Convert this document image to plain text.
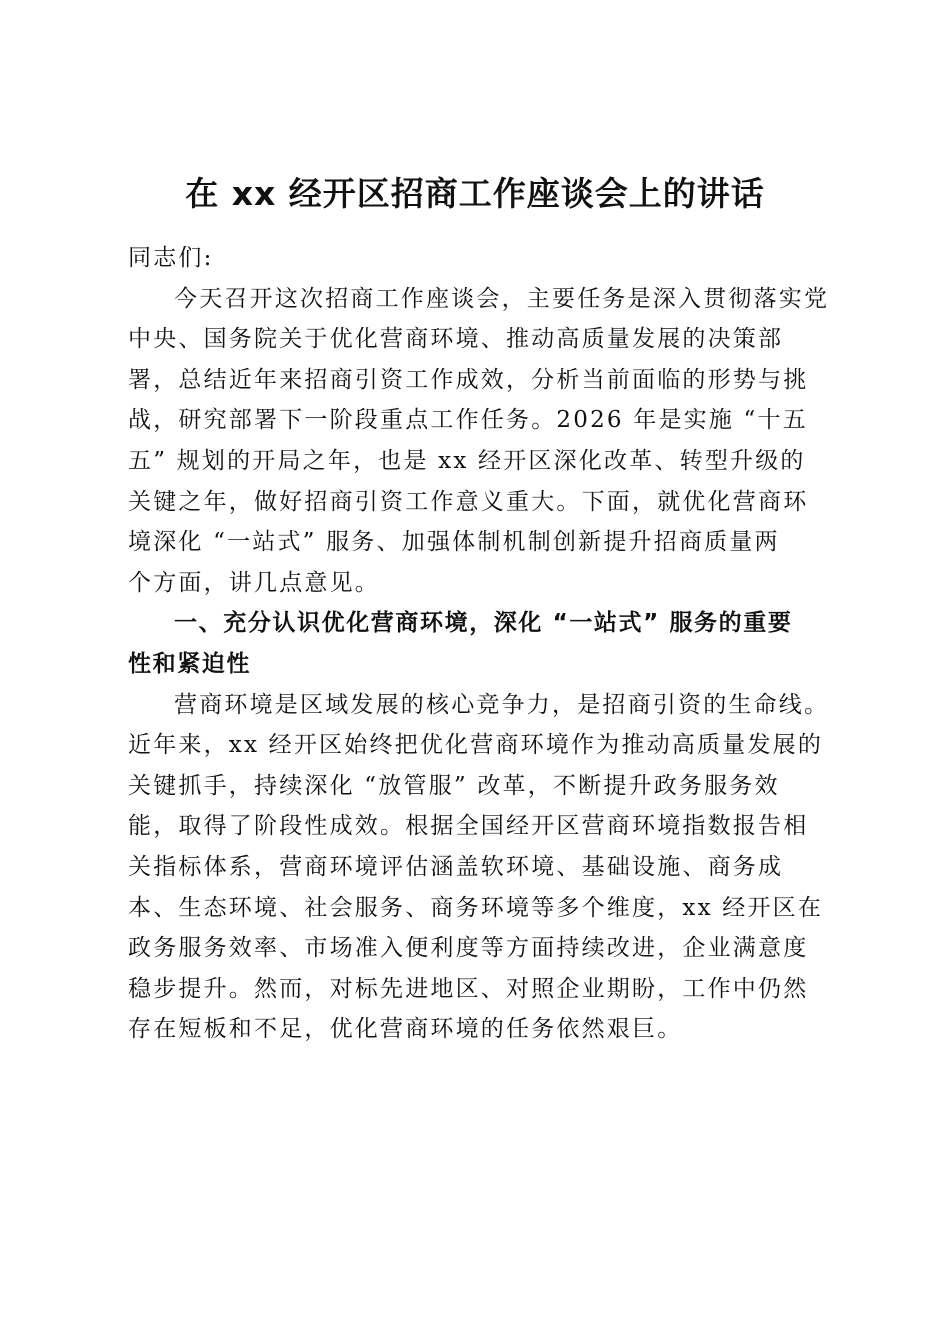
在 xx 经开区招商工作座谈会上的讲话
同志们:
今天召开这次招商工作座谈会，主要任务是深入贯彻落实党
中央、国务院关于优化营商环境、推动高质量发展的决策部
署，总结近年来招商引资工作成效，分析当前面临的形势与挑
战，研究部署下一阶段重点工作任务。2026 年是实施 “十五
五” 规划的开局之年，也是 xx 经开区深化改革、转型升级的
关键之年，做好招商引资工作意义重大。下面，就优化营商环
境深化 “一站式” 服务、加强体制机制创新提升招商质量两
个方面，讲几点意见。
一、充分认识优化营商环境，深化 “一站式” 服务的重要
性和紧迫性
营商环境是区域发展的核心竞争力，是招商引资的生命线。
近年来，xx 经开区始终把优化营商环境作为推动高质量发展的
关键抓手，持续深化 “放管服” 改革，不断提升政务服务效
能，取得了阶段性成效。根据全国经开区营商环境指数报告相
关指标体系，营商环境评估涵盖软环境、基础设施、商务成
本、生态环境、社会服务、商务环境等多个维度，xx 经开区在
政务服务效率、市场准入便利度等方面持续改进，企业满意度
稳步提升。然而，对标先进地区、对照企业期盼，工作中仍然
存在短板和不足，优化营商环境的任务依然艰巨。
